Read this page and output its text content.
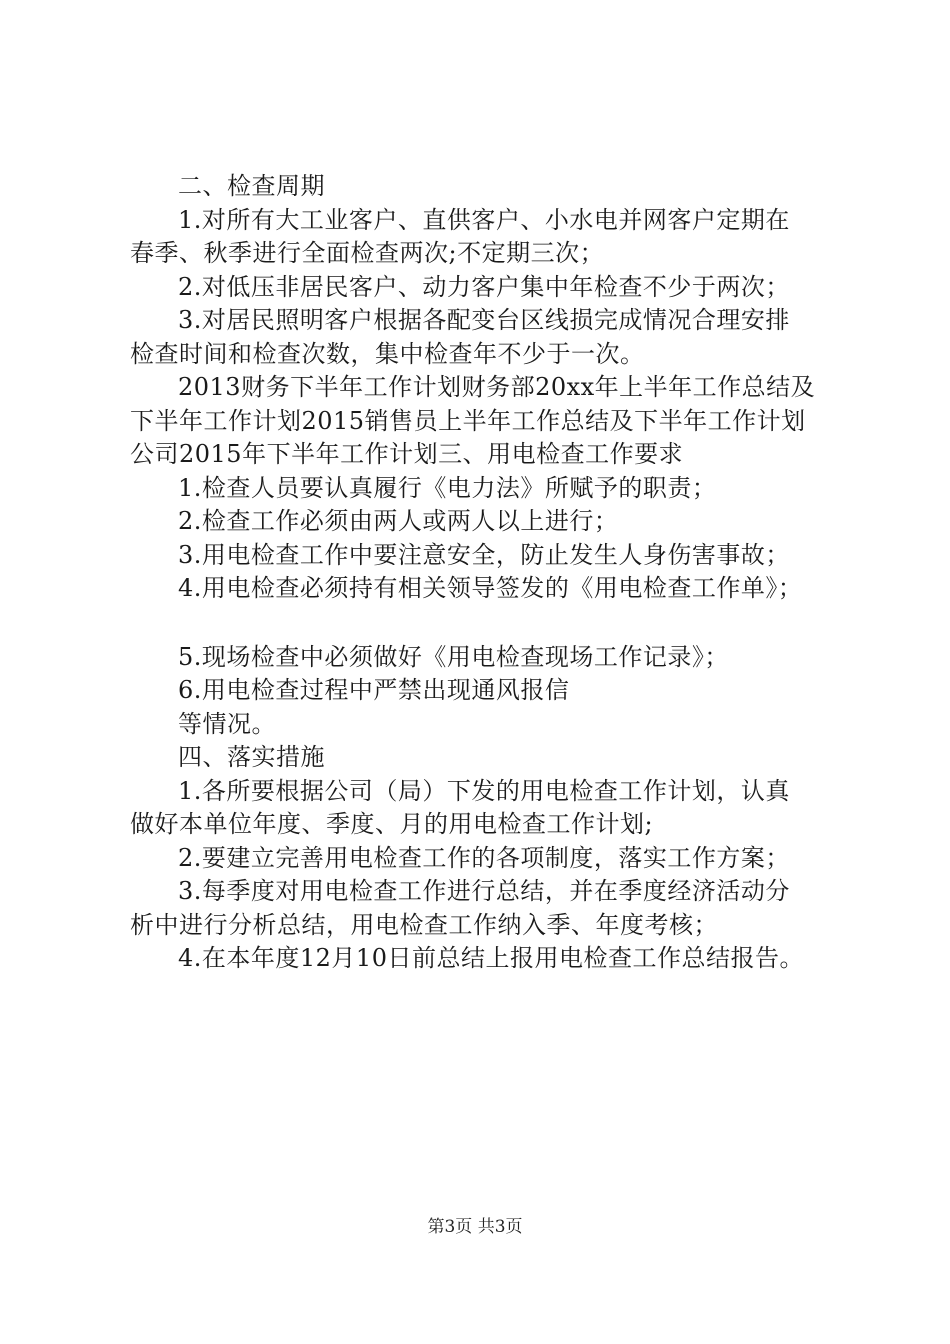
二、检查周期
1.对所有大工业客户、直供客户、小水电并网客户定期在
春季、秋季进行全面检查两次;不定期三次；
2.对低压非居民客户、动力客户集中年检查不少于两次；
3.对居民照明客户根据各配变台区线损完成情况合理安排
检查时间和检查次数，集中检查年不少于一次。
2013财务下半年工作计划财务部20xx年上半年工作总结及
下半年工作计划2015销售员上半年工作总结及下半年工作计划
公司2015年下半年工作计划三、用电检查工作要求
1.检查人员要认真履行《电力法》所赋予的职责；
2.检查工作必须由两人或两人以上进行；
3.用电检查工作中要注意安全，防止发生人身伤害事故；
4.用电检查必须持有相关领导签发的《用电检查工作单》；
5.现场检查中必须做好《用电检查现场工作记录》；
6.用电检查过程中严禁出现通风报信
等情况。
四、落实措施
1.各所要根据公司（局）下发的用电检查工作计划，认真
做好本单位年度、季度、月的用电检查工作计划;
2.要建立完善用电检查工作的各项制度，落实工作方案；
3.每季度对用电检查工作进行总结，并在季度经济活动分
析中进行分析总结，用电检查工作纳入季、年度考核；
4.在本年度12月10日前总结上报用电检查工作总结报告。
第3页 共3页
